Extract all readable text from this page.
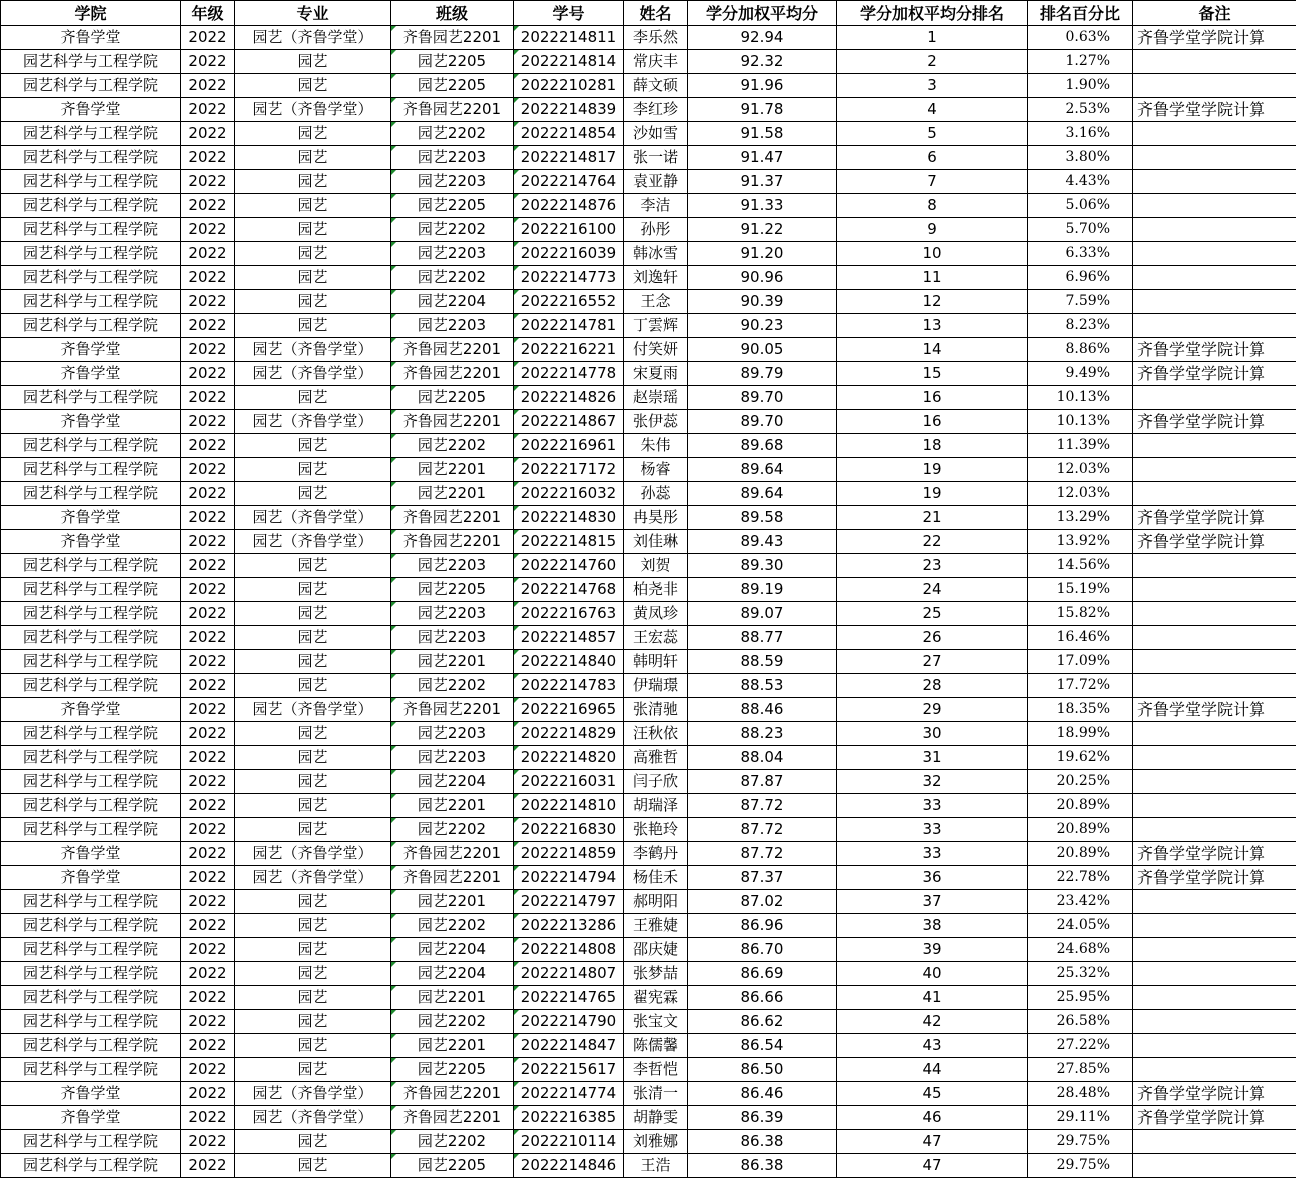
学院	年级	专业	班级	学号	姓名	学分加权平均分	学分加权平均分排名	排名百分比	备注
齐鲁学堂	2022	园艺（齐鲁学堂）	齐鲁园艺2201	2022214811	李乐然	92.94	1	0.63%	齐鲁学堂学院计算
园艺科学与工程学院	2022	园艺	园艺2205	2022214814	常庆丰	92.32	2	1.27%	
园艺科学与工程学院	2022	园艺	园艺2205	2022210281	薛文硕	91.96	3	1.90%	
齐鲁学堂	2022	园艺（齐鲁学堂）	齐鲁园艺2201	2022214839	李红珍	91.78	4	2.53%	齐鲁学堂学院计算
园艺科学与工程学院	2022	园艺	园艺2202	2022214854	沙如雪	91.58	5	3.16%	
园艺科学与工程学院	2022	园艺	园艺2203	2022214817	张一诺	91.47	6	3.80%	
园艺科学与工程学院	2022	园艺	园艺2203	2022214764	袁亚静	91.37	7	4.43%	
园艺科学与工程学院	2022	园艺	园艺2205	2022214876	李洁	91.33	8	5.06%	
园艺科学与工程学院	2022	园艺	园艺2202	2022216100	孙彤	91.22	9	5.70%	
园艺科学与工程学院	2022	园艺	园艺2203	2022216039	韩冰雪	91.20	10	6.33%	
园艺科学与工程学院	2022	园艺	园艺2202	2022214773	刘逸轩	90.96	11	6.96%	
园艺科学与工程学院	2022	园艺	园艺2204	2022216552	王念	90.39	12	7.59%	
园艺科学与工程学院	2022	园艺	园艺2203	2022214781	丁雲辉	90.23	13	8.23%	
齐鲁学堂	2022	园艺（齐鲁学堂）	齐鲁园艺2201	2022216221	付笑妍	90.05	14	8.86%	齐鲁学堂学院计算
齐鲁学堂	2022	园艺（齐鲁学堂）	齐鲁园艺2201	2022214778	宋夏雨	89.79	15	9.49%	齐鲁学堂学院计算
园艺科学与工程学院	2022	园艺	园艺2205	2022214826	赵崇瑶	89.70	16	10.13%	
齐鲁学堂	2022	园艺（齐鲁学堂）	齐鲁园艺2201	2022214867	张伊蕊	89.70	16	10.13%	齐鲁学堂学院计算
园艺科学与工程学院	2022	园艺	园艺2202	2022216961	朱伟	89.68	18	11.39%	
园艺科学与工程学院	2022	园艺	园艺2201	2022217172	杨睿	89.64	19	12.03%	
园艺科学与工程学院	2022	园艺	园艺2201	2022216032	孙蕊	89.64	19	12.03%	
齐鲁学堂	2022	园艺（齐鲁学堂）	齐鲁园艺2201	2022214830	冉昊彤	89.58	21	13.29%	齐鲁学堂学院计算
齐鲁学堂	2022	园艺（齐鲁学堂）	齐鲁园艺2201	2022214815	刘佳琳	89.43	22	13.92%	齐鲁学堂学院计算
园艺科学与工程学院	2022	园艺	园艺2203	2022214760	刘贺	89.30	23	14.56%	
园艺科学与工程学院	2022	园艺	园艺2205	2022214768	柏尧非	89.19	24	15.19%	
园艺科学与工程学院	2022	园艺	园艺2203	2022216763	黄凤珍	89.07	25	15.82%	
园艺科学与工程学院	2022	园艺	园艺2203	2022214857	王宏蕊	88.77	26	16.46%	
园艺科学与工程学院	2022	园艺	园艺2201	2022214840	韩明轩	88.59	27	17.09%	
园艺科学与工程学院	2022	园艺	园艺2202	2022214783	伊瑞璟	88.53	28	17.72%	
齐鲁学堂	2022	园艺（齐鲁学堂）	齐鲁园艺2201	2022216965	张清驰	88.46	29	18.35%	齐鲁学堂学院计算
园艺科学与工程学院	2022	园艺	园艺2203	2022214829	汪秋依	88.23	30	18.99%	
园艺科学与工程学院	2022	园艺	园艺2203	2022214820	高雅哲	88.04	31	19.62%	
园艺科学与工程学院	2022	园艺	园艺2204	2022216031	闫子欣	87.87	32	20.25%	
园艺科学与工程学院	2022	园艺	园艺2201	2022214810	胡瑞泽	87.72	33	20.89%	
园艺科学与工程学院	2022	园艺	园艺2202	2022216830	张艳玲	87.72	33	20.89%	
齐鲁学堂	2022	园艺（齐鲁学堂）	齐鲁园艺2201	2022214859	李鹤丹	87.72	33	20.89%	齐鲁学堂学院计算
齐鲁学堂	2022	园艺（齐鲁学堂）	齐鲁园艺2201	2022214794	杨佳禾	87.37	36	22.78%	齐鲁学堂学院计算
园艺科学与工程学院	2022	园艺	园艺2201	2022214797	郝明阳	87.02	37	23.42%	
园艺科学与工程学院	2022	园艺	园艺2202	2022213286	王雅婕	86.96	38	24.05%	
园艺科学与工程学院	2022	园艺	园艺2204	2022214808	邵庆婕	86.70	39	24.68%	
园艺科学与工程学院	2022	园艺	园艺2204	2022214807	张梦喆	86.69	40	25.32%	
园艺科学与工程学院	2022	园艺	园艺2201	2022214765	翟宪霖	86.66	41	25.95%	
园艺科学与工程学院	2022	园艺	园艺2202	2022214790	张宝文	86.62	42	26.58%	
园艺科学与工程学院	2022	园艺	园艺2201	2022214847	陈儒馨	86.54	43	27.22%	
园艺科学与工程学院	2022	园艺	园艺2205	2022215617	李哲恺	86.50	44	27.85%	
齐鲁学堂	2022	园艺（齐鲁学堂）	齐鲁园艺2201	2022214774	张清一	86.46	45	28.48%	齐鲁学堂学院计算
齐鲁学堂	2022	园艺（齐鲁学堂）	齐鲁园艺2201	2022216385	胡静雯	86.39	46	29.11%	齐鲁学堂学院计算
园艺科学与工程学院	2022	园艺	园艺2202	2022210114	刘雅娜	86.38	47	29.75%	
园艺科学与工程学院	2022	园艺	园艺2205	2022214846	王浩	86.38	47	29.75%	
